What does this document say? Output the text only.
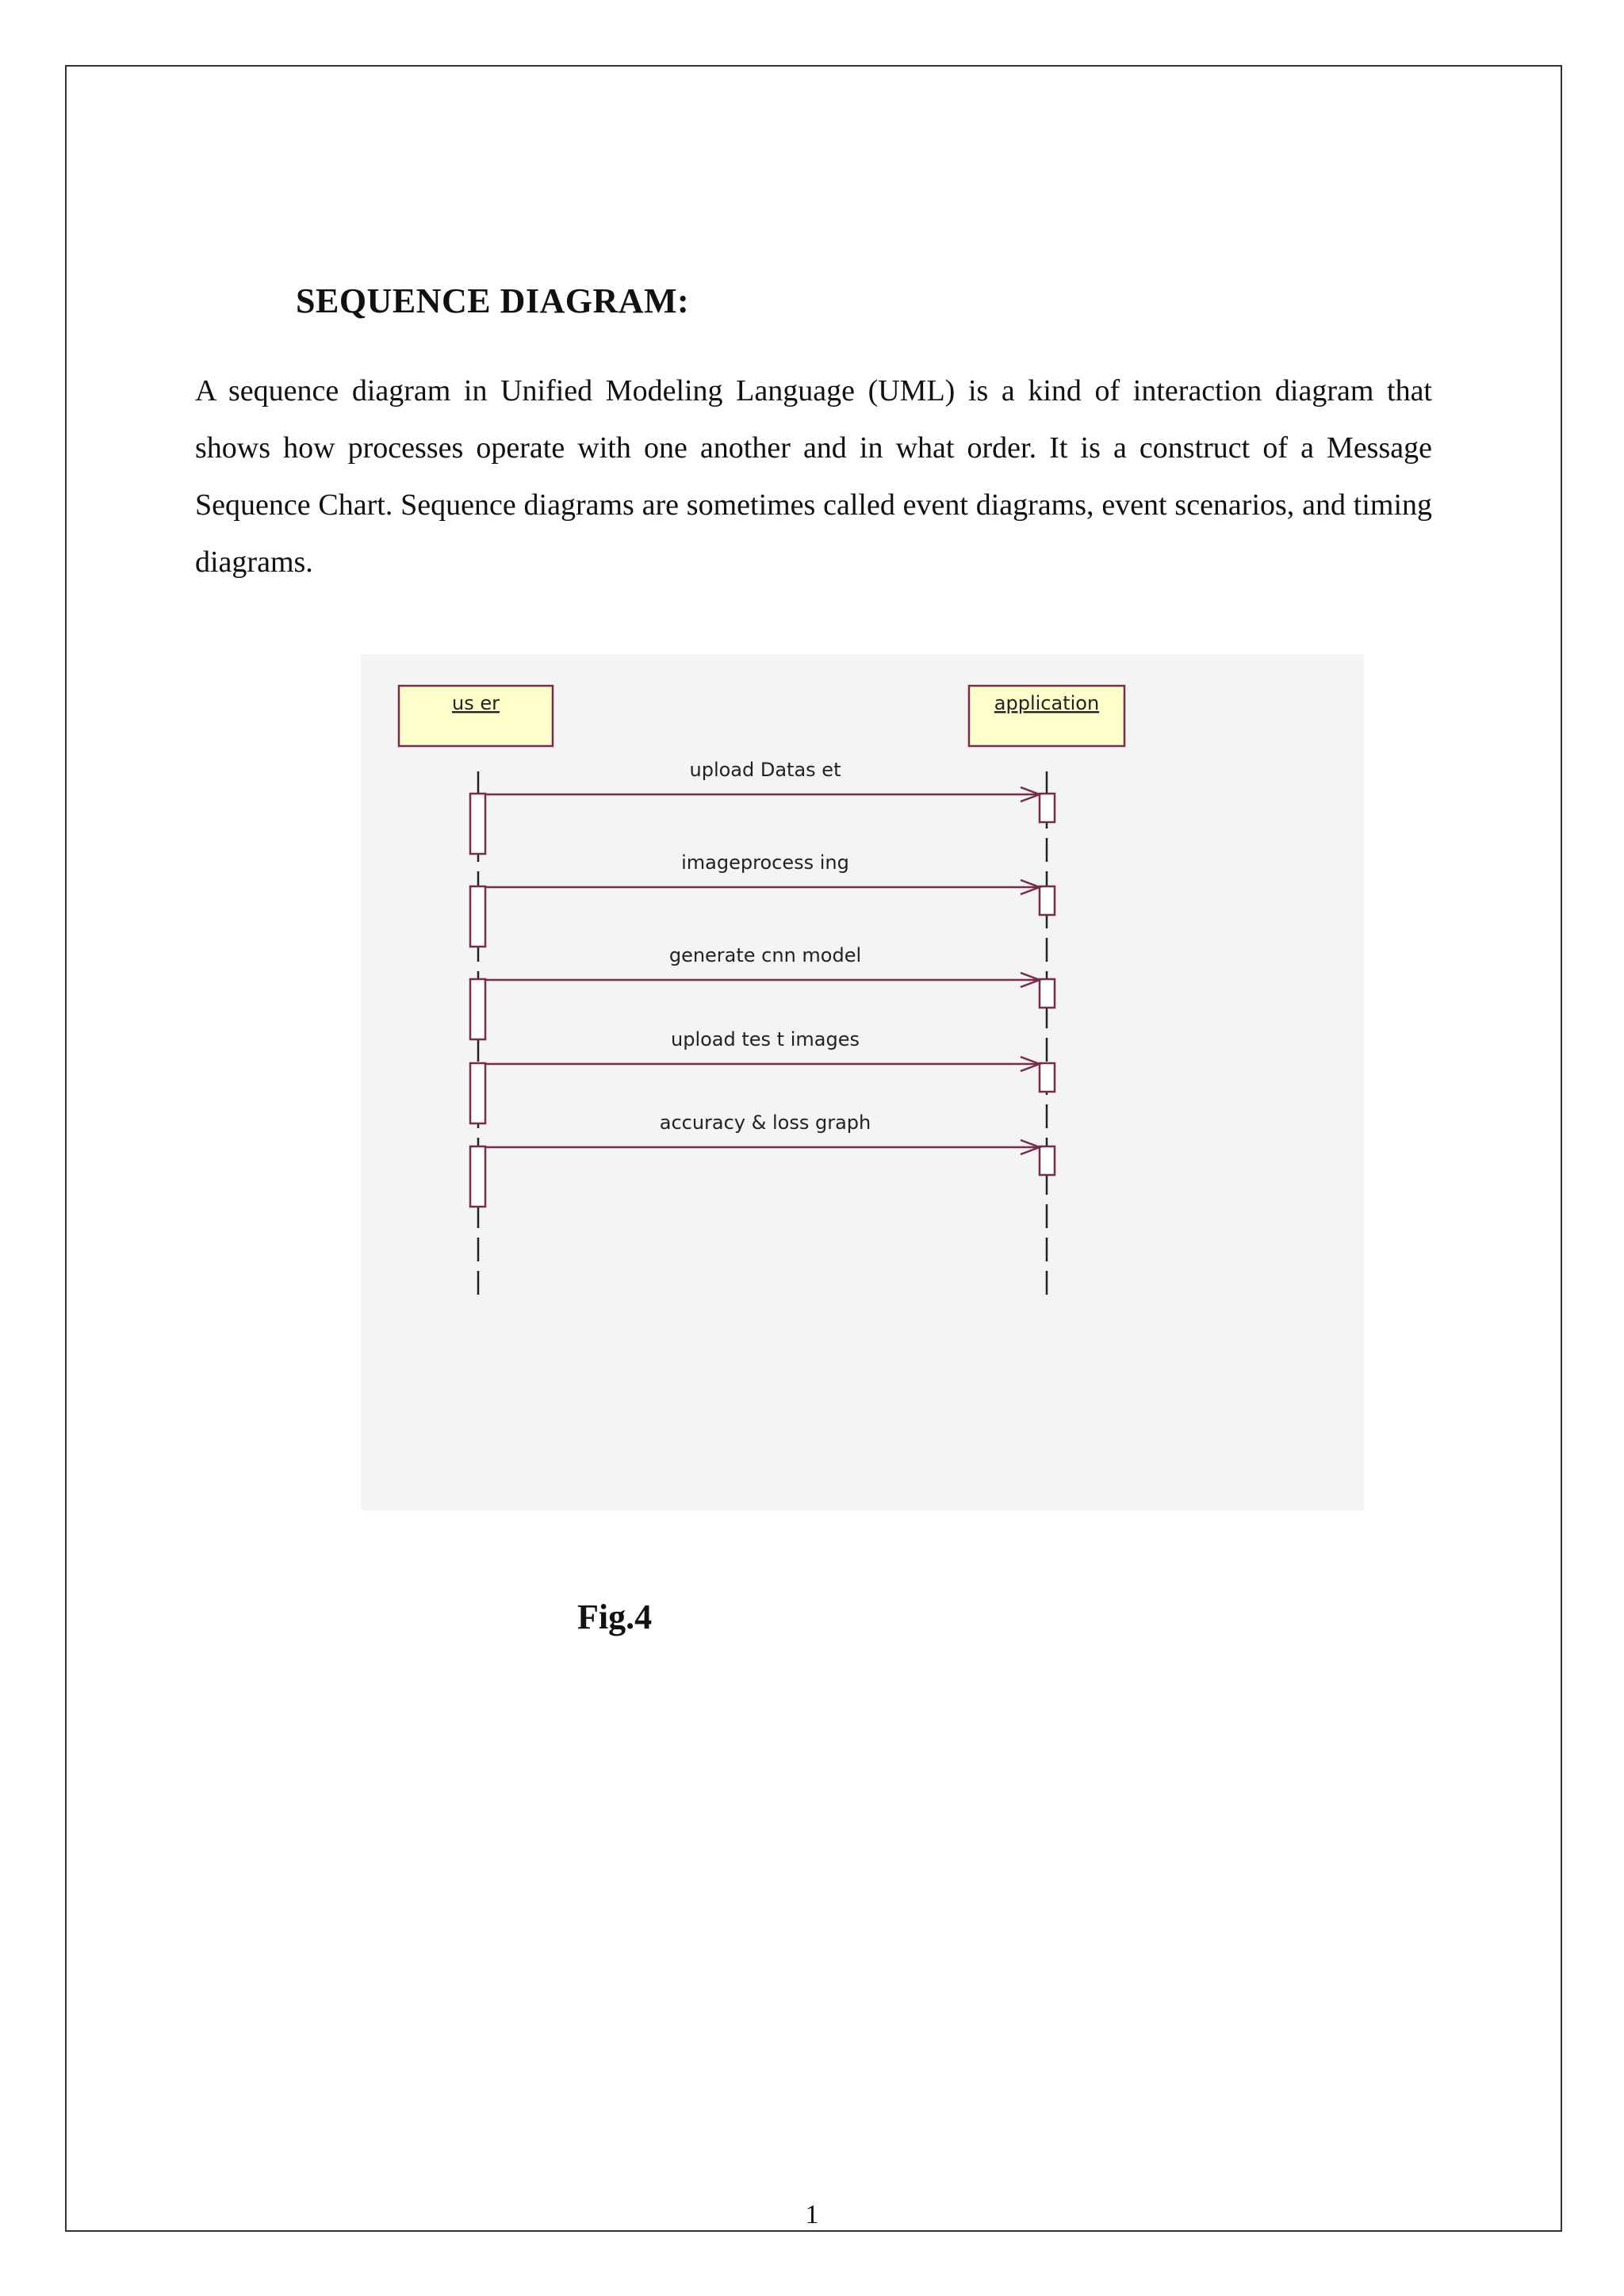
SEQUENCE DIAGRAM:
A sequence diagram in Unified Modeling Language (UML) is a kind of interaction diagram that shows how processes operate with one another and in what order. It is a construct of a Message Sequence Chart. Sequence diagrams are sometimes called event diagrams, event scenarios, and timing diagrams.
us er	application
upload Datas et
imageprocess ing
generate cnn model
upload tes t images
accuracy & loss graph
Fig.4
1
